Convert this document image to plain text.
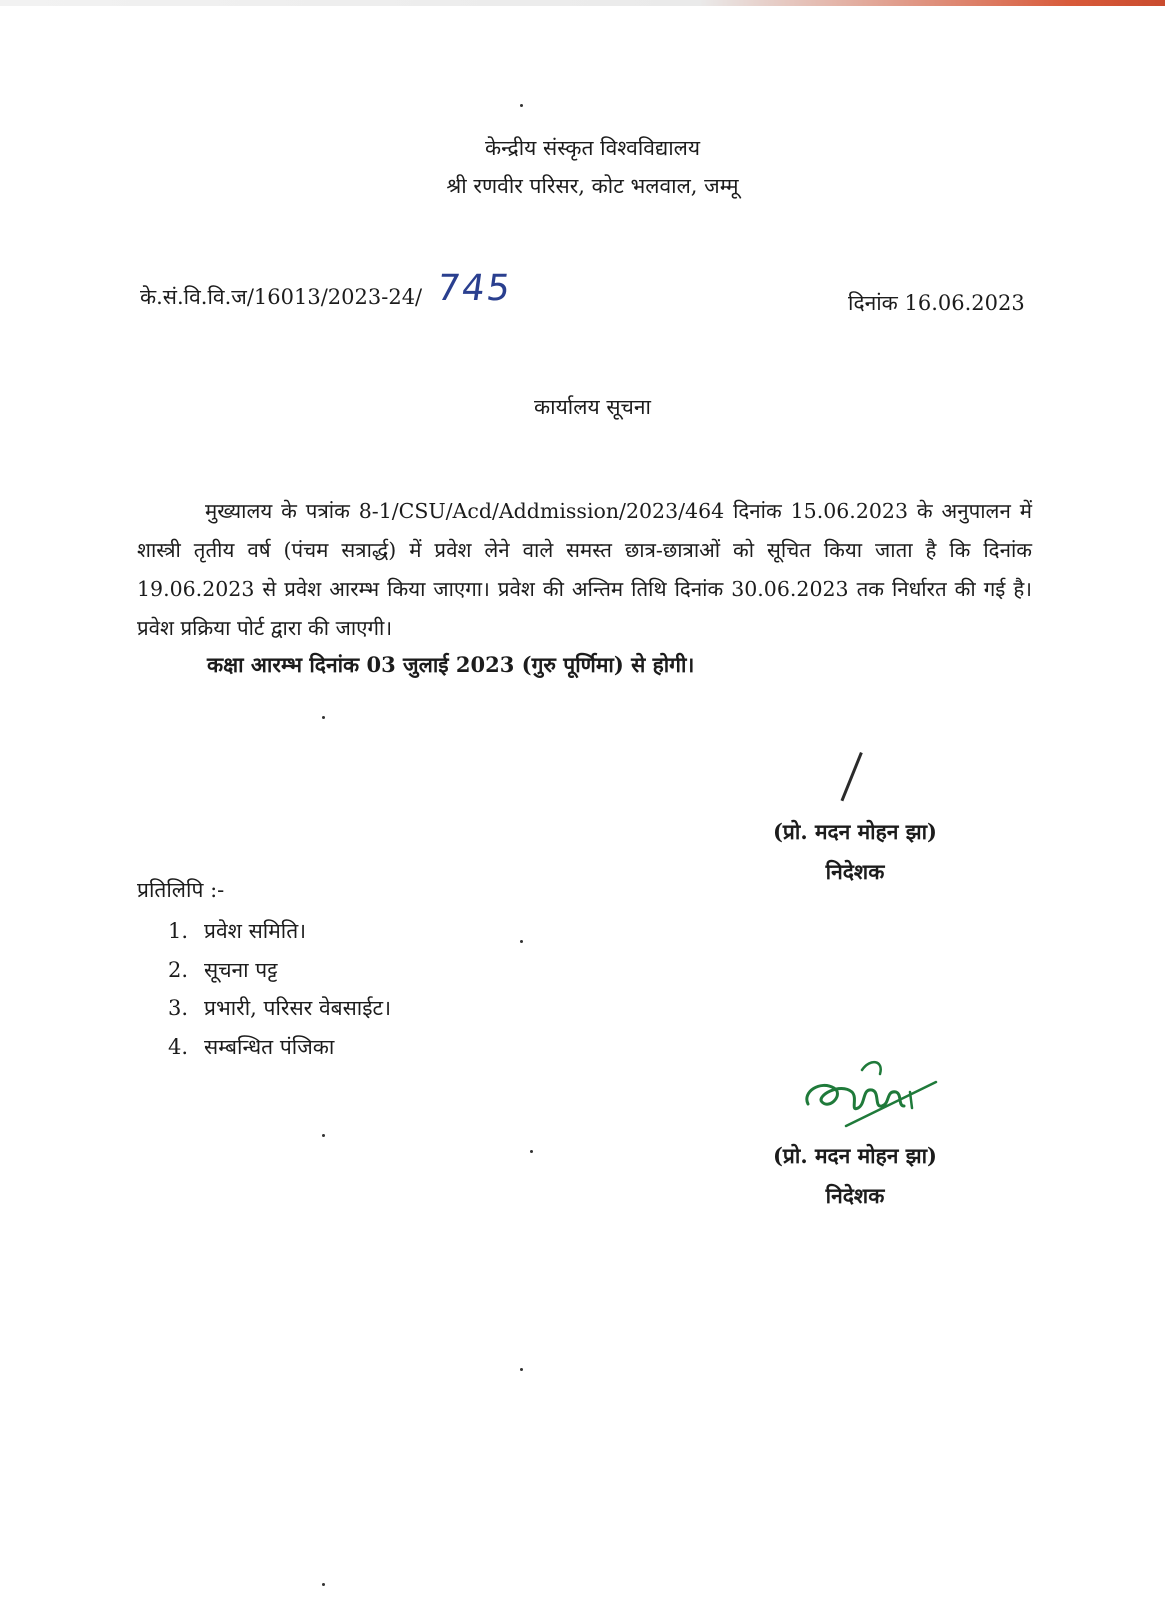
केन्द्रीय संस्कृत विश्वविद्यालय
श्री रणवीर परिसर, कोट भलवाल, जम्मू
के.सं.वि.वि.ज/16013/2023-24/ 745	दिनांक 16.06.2023
कार्यालय सूचना
मुख्यालय के पत्रांक 8-1/CSU/Acd/Addmission/2023/464 दिनांक 15.06.2023 के अनुपालन में शास्त्री तृतीय वर्ष (पंचम सत्रार्द्ध) में प्रवेश लेने वाले समस्त छात्र-छात्राओं को सूचित किया जाता है कि दिनांक 19.06.2023 से प्रवेश आरम्भ किया जाएगा। प्रवेश की अन्तिम तिथि दिनांक 30.06.2023 तक निर्धारत की गई है। प्रवेश प्रक्रिया पोर्ट द्वारा की जाएगी।
कक्षा आरम्भ दिनांक 03 जुलाई 2023 (गुरु पूर्णिमा) से होगी।
(प्रो. मदन मोहन झा)
निदेशक
प्रतिलिपि :-
1. प्रवेश समिति।
2. सूचना पट्ट
3. प्रभारी, परिसर वेबसाईट।
4. सम्बन्धित पंजिका
(प्रो. मदन मोहन झा)
निदेशक
